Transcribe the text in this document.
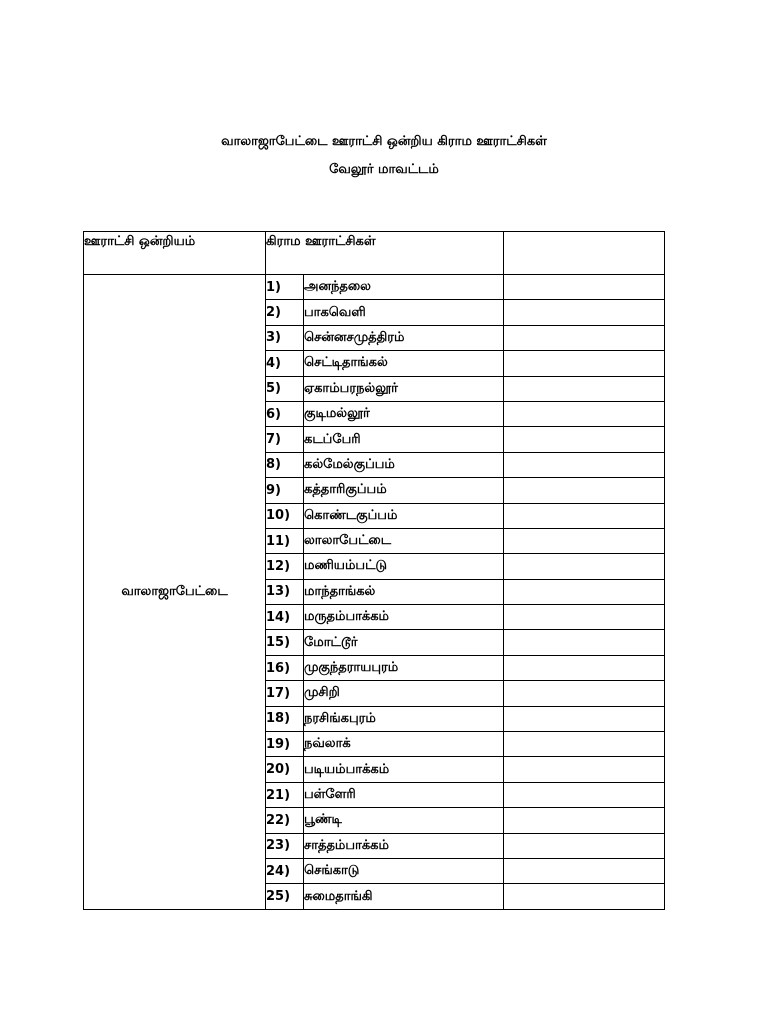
வாலாஜாபேட்டை ஊராட்சி ஒன்றிய கிராம ஊராட்சிகள்
வேலூர் மாவட்டம்
ஊராட்சி ஒன்றியம்	கிராம ஊராட்சிகள்		
வாலாஜாபேட்டை	1)	அனந்தலை	
	2)	பாகவெளி	
	3)	சென்னசமுத்திரம்	
	4)	செட்டிதாங்கல்	
	5)	ஏகாம்பரநல்லூர்	
	6)	குடிமல்லூர்	
	7)	கடப்பேரி	
	8)	கல்மேல்குப்பம்	
	9)	கத்தாரிகுப்பம்	
	10)	கொண்டகுப்பம்	
	11)	லாலாபேட்டை	
	12)	மணியம்பட்டு	
	13)	மாந்தாங்கல்	
	14)	மருதம்பாக்கம்	
	15)	மோட்டூர்	
	16)	முகுந்தராயபுரம்	
	17)	முசிறி	
	18)	நரசிங்கபுரம்	
	19)	நவ்லாக்	
	20)	படியம்பாக்கம்	
	21)	பள்ளேரி	
	22)	பூண்டி	
	23)	சாத்தம்பாக்கம்	
	24)	செங்காடு	
	25)	சுமைதாங்கி	
